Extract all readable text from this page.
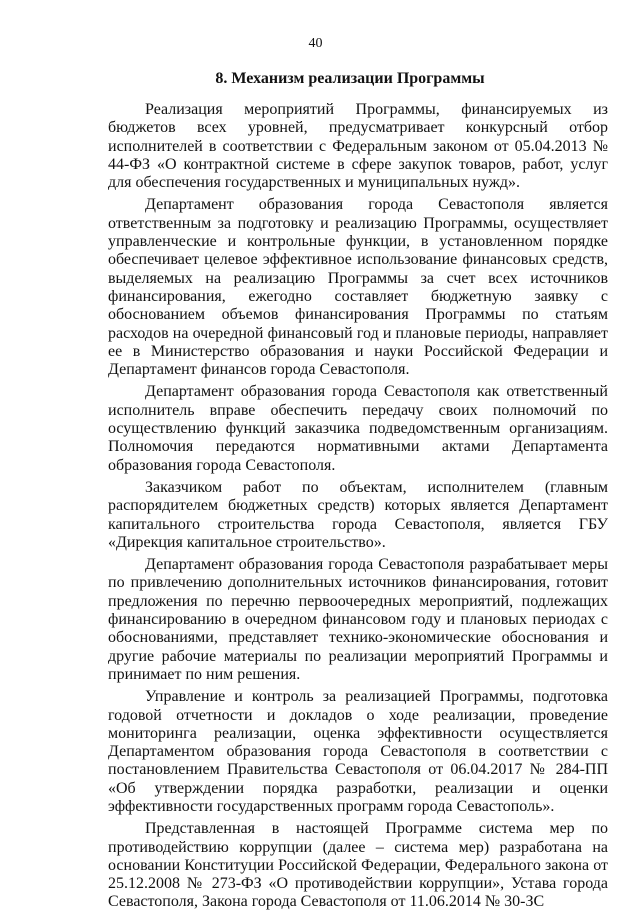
40
8. Механизм реализации Программы

Реализация мероприятий Программы, финансируемых из бюджетов всех уровней, предусматривает конкурсный отбор исполнителей в соответствии с Федеральным законом от 05.04.2013 № 44-ФЗ «О контрактной системе в сфере закупок товаров, работ, услуг для обеспечения государственных и муниципальных нужд».

Департамент образования города Севастополя является ответственным за подготовку и реализацию Программы, осуществляет управленческие и контрольные функции, в установленном порядке обеспечивает целевое эффективное использование финансовых средств, выделяемых на реализацию Программы за счет всех источников финансирования, ежегодно составляет бюджетную заявку с обоснованием объемов финансирования Программы по статьям расходов на очередной финансовый год и плановые периоды, направляет ее в Министерство образования и науки Российской Федерации и Департамент финансов города Севастополя.

Департамент образования города Севастополя как ответственный исполнитель вправе обеспечить передачу своих полномочий по осуществлению функций заказчика подведомственным организациям. Полномочия передаются нормативными актами Департамента образования города Севастополя.

Заказчиком работ по объектам, исполнителем (главным распорядителем бюджетных средств) которых является Департамент капитального строительства города Севастополя, является ГБУ «Дирекция капитальное строительство».

Департамент образования города Севастополя разрабатывает меры по привлечению дополнительных источников финансирования, готовит предложения по перечню первоочередных мероприятий, подлежащих финансированию в очередном финансовом году и плановых периодах с обоснованиями, представляет технико-экономические обоснования и другие рабочие материалы по реализации мероприятий Программы и принимает по ним решения.

Управление и контроль за реализацией Программы, подготовка годовой отчетности и докладов о ходе реализации, проведение мониторинга реализации, оценка эффективности осуществляется Департаментом образования города Севастополя в соответствии с постановлением Правительства Севастополя от 06.04.2017 № 284-ПП «Об утверждении порядка разработки, реализации и оценки эффективности государственных программ города Севастополь».

Представленная в настоящей Программе система мер по противодействию коррупции (далее – система мер) разработана на основании Конституции Российской Федерации, Федерального закона от 25.12.2008 № 273-ФЗ «О противодействии коррупции», Устава города Севастополя, Закона города Севастополя от 11.06.2014 № 30-ЗС
